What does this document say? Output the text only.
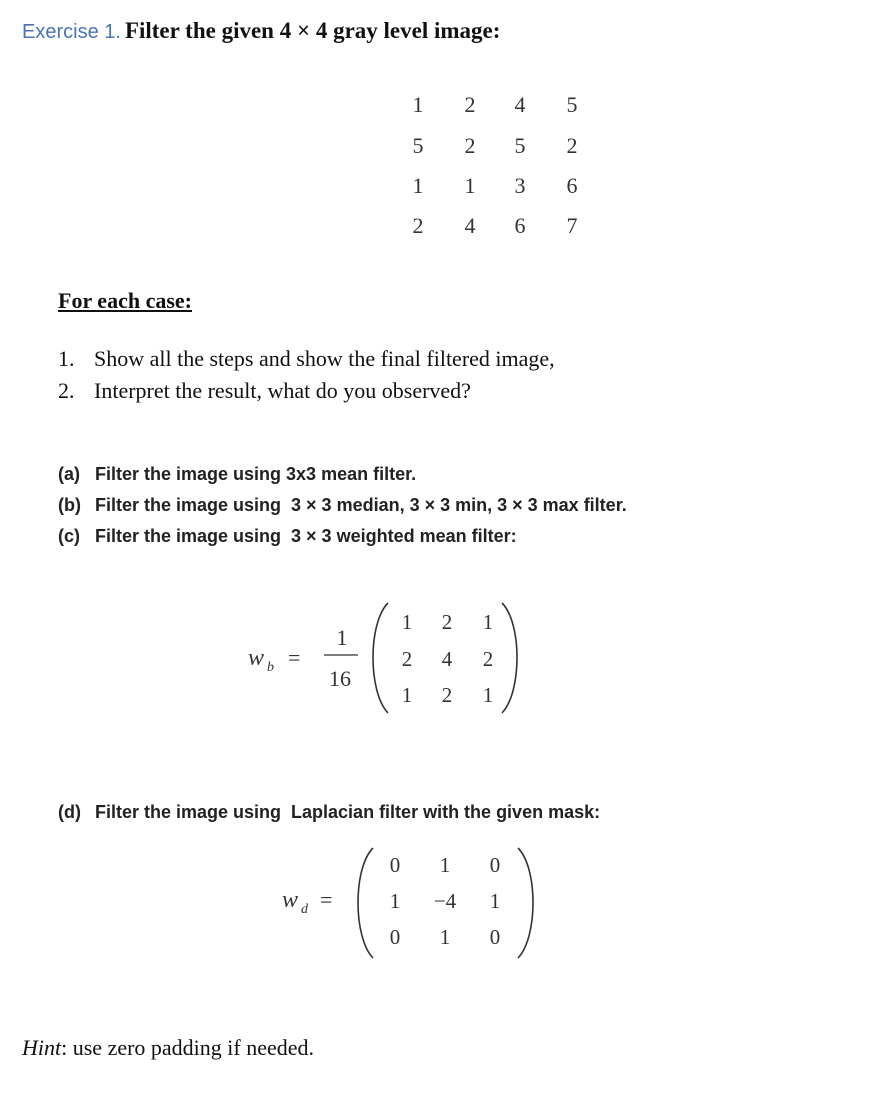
Exercise 1. Filter the given 4 × 4 gray level image:
1	2	4	5
5	2	5	2
1	1	3	6
2	4	6	7
For each case:
1. Show all the steps and show the final filtered image,
2. Interpret the result, what do you observed?
(a) Filter the image using 3x3 mean filter.
(b) Filter the image using  3 × 3 median, 3 × 3 min, 3 × 3 max filter.
(c) Filter the image using  3 × 3 weighted mean filter:
w b =
1
16
1 2 1
2 4 2
1 2 1
(d) Filter the image using  Laplacian filter with the given mask:
w d =
0 1 0
1 −4 1
0 1 0
Hint: use zero padding if needed.
